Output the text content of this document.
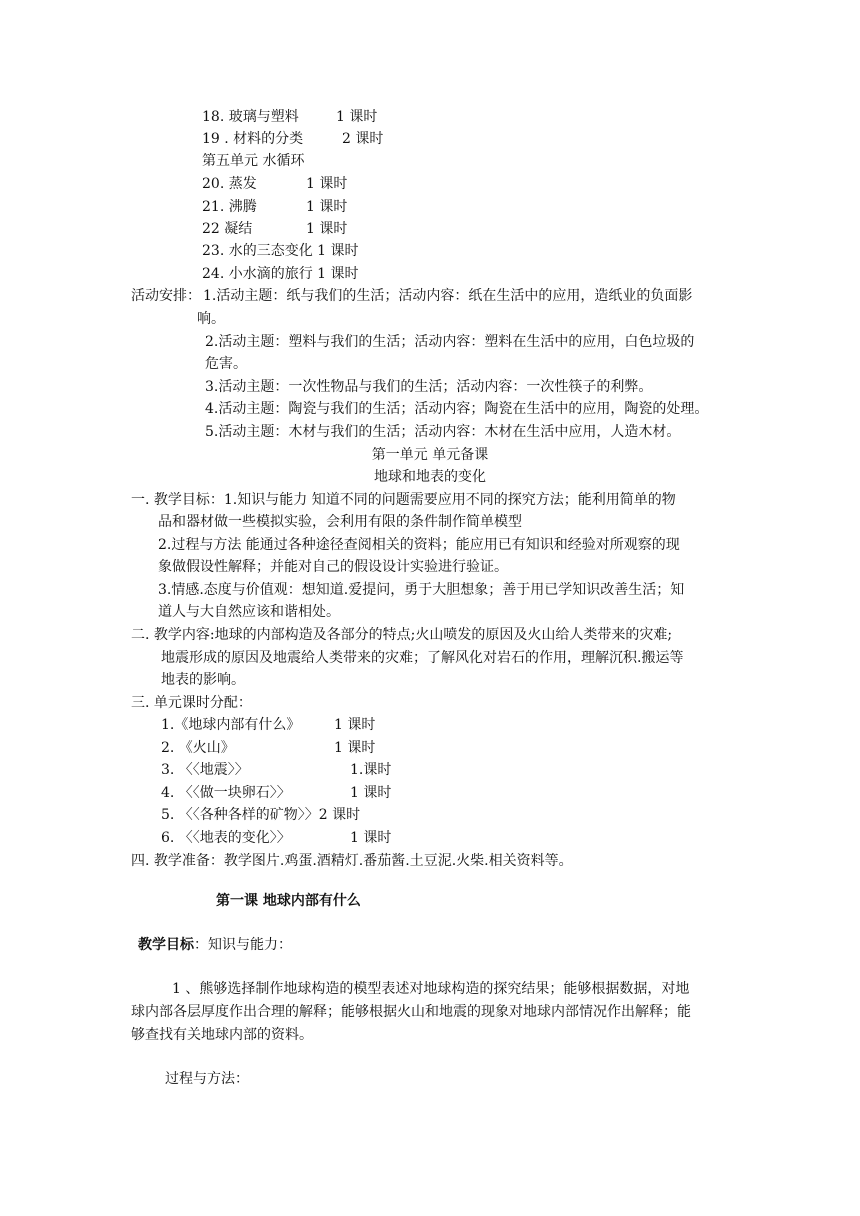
18. 玻璃与塑料	1 课时
19 . 材料的分类	2 课时
第五单元 水循环
20. 蒸发	1 课时
21. 沸腾	1 课时
22 凝结	1 课时
23. 水的三态变化 1 课时
24. 小水滴的旅行 1 课时
活动安排： 1.活动主题：纸与我们的生活；活动内容：纸在生活中的应用，造纸业的负面影
响。
2.活动主题：塑料与我们的生活；活动内容：塑料在生活中的应用，白色垃圾的
危害。
3.活动主题：一次性物品与我们的生活；活动内容：一次性筷子的利弊。
4.活动主题：陶瓷与我们的生活；活动内容；陶瓷在生活中的应用，陶瓷的处理。
5.活动主题：木材与我们的生活；活动内容：木材在生活中应用，人造木材。
第一单元 单元备课
地球和地表的变化
一. 教学目标：1.知识与能力 知道不同的问题需要应用不同的探究方法；能利用简单的物
品和器材做一些模拟实验，会利用有限的条件制作简单模型
2.过程与方法 能通过各种途径查阅相关的资料；能应用已有知识和经验对所观察的现
象做假设性解释；并能对自己的假设设计实验进行验证。
3.情感.态度与价值观：想知道.爱提问，勇于大胆想象；善于用已学知识改善生活；知
道人与大自然应该和谐相处。
二. 教学内容:地球的内部构造及各部分的特点;火山喷发的原因及火山给人类带来的灾难;
地震形成的原因及地震给人类带来的灾难；了解风化对岩石的作用，理解沉积.搬运等
地表的影响。
三. 单元课时分配：
1.《地球内部有什么》 1 课时
2. 《火山》	1 课时
3. 〈〈地震〉〉	1.课时
4. 〈〈做一块卵石〉〉	1 课时
5. 〈〈各种各样的矿物〉〉2 课时
6. 〈〈地表的变化〉〉	1 课时
四. 教学准备：教学图片.鸡蛋.酒精灯.番茄酱.土豆泥.火柴.相关资料等。
第一课 地球内部有什么
教学目标：知识与能力：
1 、熊够选择制作地球构造的模型表述对地球构造的探究结果；能够根据数据，对地
球内部各层厚度作出合理的解释；能够根据火山和地震的现象对地球内部情况作出解释；能
够查找有关地球内部的资料。
过程与方法：
